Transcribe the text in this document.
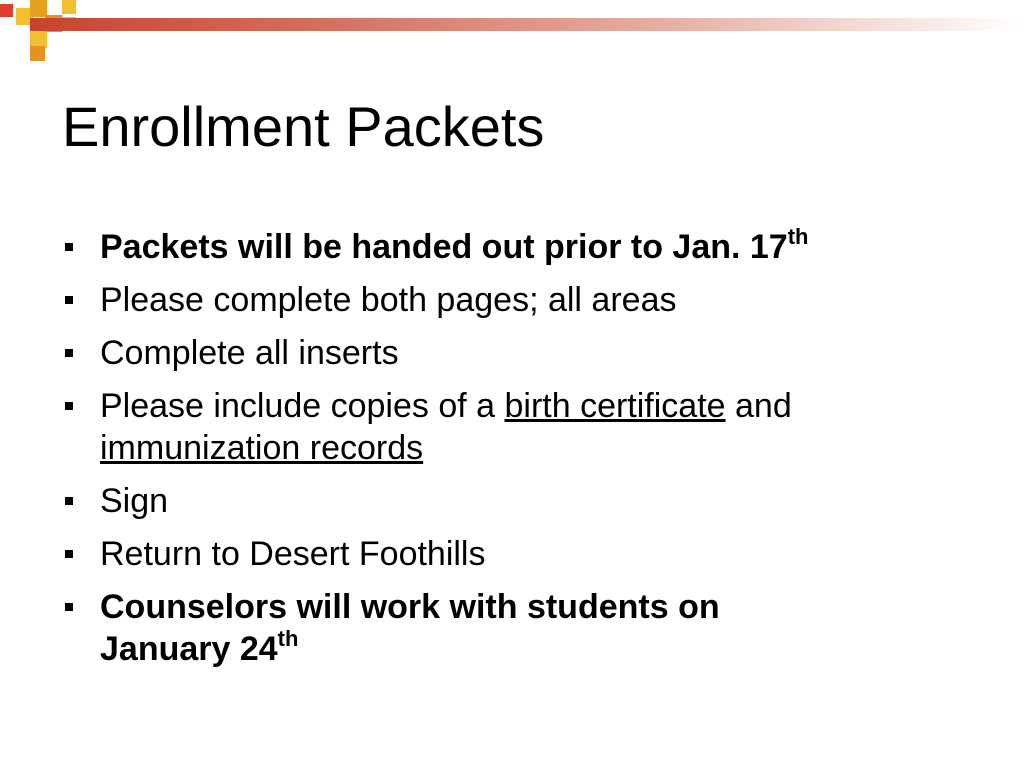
Enrollment Packets
Packets will be handed out prior to Jan. 17th
Please complete both pages; all areas
Complete all inserts
Please include copies of a birth certificate and
immunization records
Sign
Return to Desert Foothills
Counselors will work with students on
January 24th
